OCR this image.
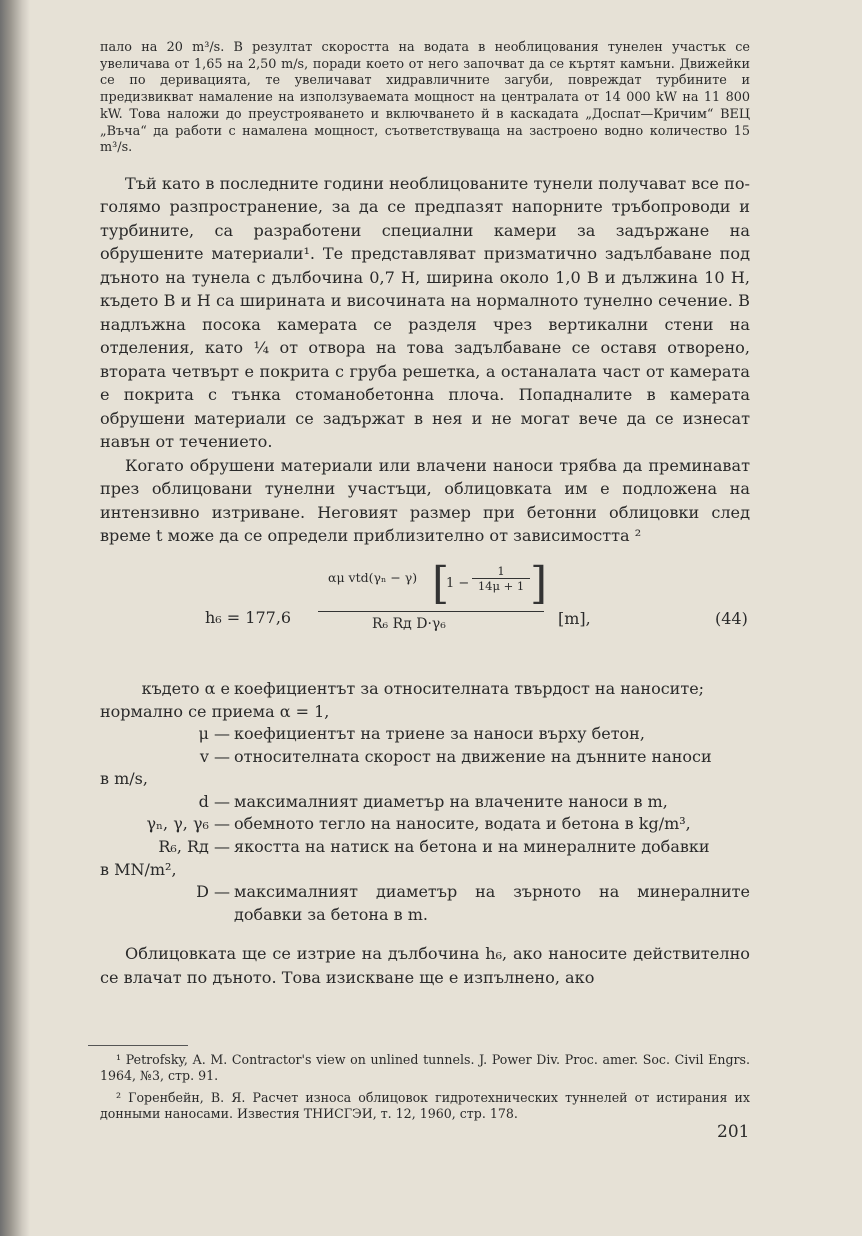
пало на 20 m³/s. В резултат скоростта на водата в необлицования тунелен участък се увеличава от 1,65 на 2,50 m/s, поради което от него започват да се къртят камъни. Движейки се по деривацията, те увеличават хидравличните загуби, повреждат турбините и предизвикват намаление на използуваемата мощност на централата от 14 000 kW на 11 800 kW. Това наложи до преустрояването и включването й в каскадата „Доспат—Кричим“ ВЕЦ „Въча“ да работи с намалена мощност, съответствуваща на застроено водно количество 15 m³/s.

Тъй като в последните години необлицованите тунели получават все по-голямо разпространение, за да се предпазят напорните тръбопроводи и турбините, са разработени специални камери за задържане на обрушените материали¹. Те представляват призматично задълбаване под дъното на тунела с дълбочина 0,7 H, ширина около 1,0 B и дължина 10 H, където B и H са ширината и височината на нормалното тунелно сечение. В надлъжна посока камерата се разделя чрез вертикални стени на отделения, като ¼ от отвора на това задълбаване се оставя отворено, втората четвърт е покрита с груба решетка, а останалата част от камерата е покрита с тънка стоманобетонна плоча. Попадналите в камерата обрушени материали се задържат в нея и не могат вече да се изнесат навън от течението.

Когато обрушени материали или влачени наноси трябва да преминават през облицовани тунелни участъци, облицовката им е подложена на интензивно изтриване. Неговият размер при бетонни облицовки след време t може да се определи приблизително от зависимостта ²

h₆ = 177,6
αμ vtd(γₙ − γ) [
$1 - \frac{1}{14\mu + 1}$ ]
R₆ Rд D·γ₆	[m],	(44)
където α е коефициентът за относителната твърдост на наносите;
нормално се приема α = 1,
μ — коефициентът на триене за наноси върху бетон,
v — относителната скорост на движение на дънните наноси
в m/s,
d — максималният диаметър на влачените наноси в m,
γₙ, γ, γ₆ — обемното тегло на наносите, водата и бетона в kg/m³,
R₆, Rд — якостта на натиск на бетона и на минералните добавки
в MN/m²,
D — максималният диаметър на зърното на минералните добавки за бетона в m.

Облицовката ще се изтрие на дълбочина h₆, ако наносите действително се влачат по дъното. Това изискване ще е изпълнено, ако

¹ Petrofsky, A. M. Contractor's view on unlined tunnels. J. Power Div. Proc. amer. Soc. Civil Engrs. 1964, №3, стр. 91.

² Горенбейн, В. Я. Расчет износа облицовок гидротехнических туннелей от истирания их донными наносами. Известия ТНИСГЭИ, т. 12, 1960, стр. 178.

201
